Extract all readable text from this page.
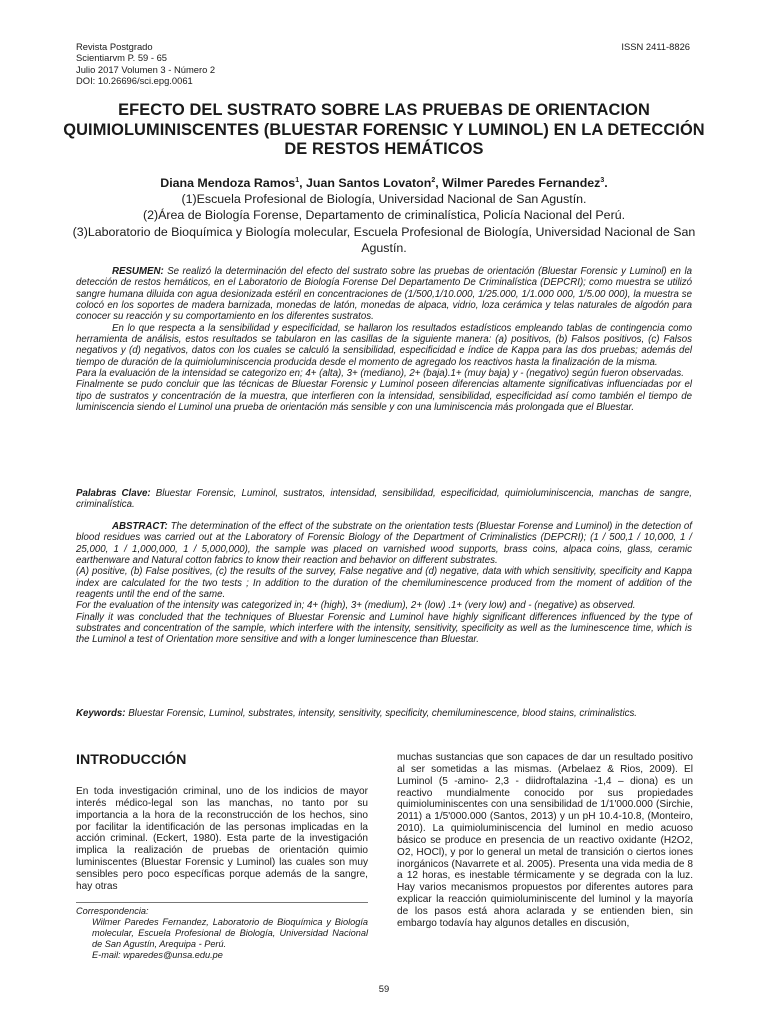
Revista Postgrado
Scientiarvm P. 59 - 65
Julio 2017 Volumen 3 - Número 2
DOI: 10.26696/sci.epg.0061
ISSN 2411-8826
EFECTO DEL SUSTRATO SOBRE LAS PRUEBAS DE ORIENTACION QUIMIOLUMINISCENTES (BLUESTAR FORENSIC Y LUMINOL) EN LA DETECCIÓN DE RESTOS HEMÁTICOS
Diana Mendoza Ramos$^1$, Juan Santos Lovaton$^2$, Wilmer Paredes Fernandez$^3$.
(1)Escuela Profesional de Biología, Universidad Nacional de San Agustín.
(2)Área de Biología Forense, Departamento de criminalística, Policía Nacional del Perú.
(3)Laboratorio de Bioquímica y Biología molecular, Escuela Profesional de Biología, Universidad Nacional de San Agustín.

RESUMEN: Se realizó la determinación del efecto del sustrato sobre las pruebas de orientación (Bluestar Forensic y Luminol) en la detección de restos hemáticos, en el Laboratorio de Biología Forense Del Departamento De Criminalística (DEPCRI); como muestra se utilizó sangre humana diluida con agua desionizada estéril en concentraciones de (1/500,1/10.000, 1/25.000, 1/1.000 000, 1/5.00 000), la muestra se colocó en los soportes de madera barnizada, monedas de latón, monedas de alpaca, vidrio, loza cerámica y telas naturales de algodón para conocer su reacción y su comportamiento en los diferentes sustratos.

En lo que respecta a la sensibilidad y especificidad, se hallaron los resultados estadísticos empleando tablas de contingencia como herramienta de análisis, estos resultados se tabularon en las casillas de la siguiente manera: (a) positivos, (b) Falsos positivos, (c) Falsos negativos y (d) negativos, datos con los cuales se calculó la sensibilidad, especificidad e índice de Kappa para las dos pruebas; además del tiempo de duración de la quimioluminiscencia producida desde el momento de agregado los reactivos hasta la finalización de la misma.

Para la evaluación de la intensidad se categorizo en; 4+ (alta), 3+ (mediano), 2+ (baja).1+ (muy baja) y - (negativo) según fueron observadas.

Finalmente se pudo concluir que las técnicas de Bluestar Forensic y Luminol poseen diferencias altamente significativas influenciadas por el tipo de sustratos y concentración de la muestra, que interfieren con la intensidad, sensibilidad, especificidad así como también el tiempo de luminiscencia siendo el Luminol una prueba de orientación más sensible y con una luminiscencia más prolongada que el Bluestar.

Palabras Clave: Bluestar Forensic, Luminol, sustratos, intensidad, sensibilidad, especificidad, quimioluminiscencia, manchas de sangre, criminalística.

ABSTRACT: The determination of the effect of the substrate on the orientation tests (Bluestar Forense and Luminol) in the detection of blood residues was carried out at the Laboratory of Forensic Biology of the Department of Criminalistics (DEPCRI); (1 / 500,1 / 10,000, 1 / 25,000, 1 / 1,000,000, 1 / 5,000,000), the sample was placed on varnished wood supports, brass coins, alpaca coins, glass, ceramic earthenware and Natural cotton fabrics to know their reaction and behavior on different substrates.

(A) positive, (b) False positives, (c) the results of the survey, False negative and (d) negative, data with which sensitivity, specificity and Kappa index are calculated for the two tests ; In addition to the duration of the chemiluminescence produced from the moment of addition of the reagents until the end of the same.

For the evaluation of the intensity was categorized in; 4+ (high), 3+ (medium), 2+ (low) .1+ (very low) and - (negative) as observed.

Finally it was concluded that the techniques of Bluestar Forensic and Luminol have highly significant differences influenced by the type of substrates and concentration of the sample, which interfere with the intensity, sensitivity, specificity as well as the luminescence time, which is the Luminol a test of Orientation more sensitive and with a longer luminescence than Bluestar.

Keywords: Bluestar Forensic, Luminol, substrates, intensity, sensitivity, specificity, chemiluminescence, blood stains, criminalistics.

INTRODUCCIÓN
En toda investigación criminal, uno de los indicios de mayor interés médico-legal son las manchas, no tanto por su importancia a la hora de la reconstrucción de los hechos, sino por facilitar la identificación de las personas implicadas en la acción criminal. (Eckert, 1980). Esta parte de la investigación implica la realización de pruebas de orientación quimio luminiscentes (Bluestar Forensic y Luminol) las cuales son muy sensibles pero poco específicas porque además de la sangre, hay otras
muchas sustancias que son capaces de dar un resultado positivo al ser sometidas a las mismas. (Arbelaez & Rios, 2009). El Luminol (5 -amino- 2,3 - diidroftalazina -1,4 – diona) es un reactivo mundialmente conocido por sus propiedades quimioluminiscentes con una sensibilidad de 1/1'000.000 (Sirchie, 2011) a 1/5'000.000 (Santos, 2013) y un pH 10.4-10.8, (Monteiro, 2010). La quimioluminiscencia del luminol en medio acuoso básico se produce en presencia de un reactivo oxidante (H2O2, O2, HOCl), y por lo general un metal de transición o ciertos iones inorgánicos (Navarrete et al. 2005). Presenta una vida media de 8 a 12 horas, es inestable térmicamente y se degrada con la luz. Hay varios mecanismos propuestos por diferentes autores para explicar la reacción quimioluminiscente del luminol y la mayoría de los pasos está ahora aclarada y se entienden bien, sin embargo todavía hay algunos detalles en discusión,
Correspondencia:
Wilmer Paredes Fernandez, Laboratorio de Bioquímica y Biología molecular, Escuela Profesional de Biología, Universidad Nacional de San Agustín, Arequipa - Perú.
E-mail: wparedes@unsa.edu.pe
59
